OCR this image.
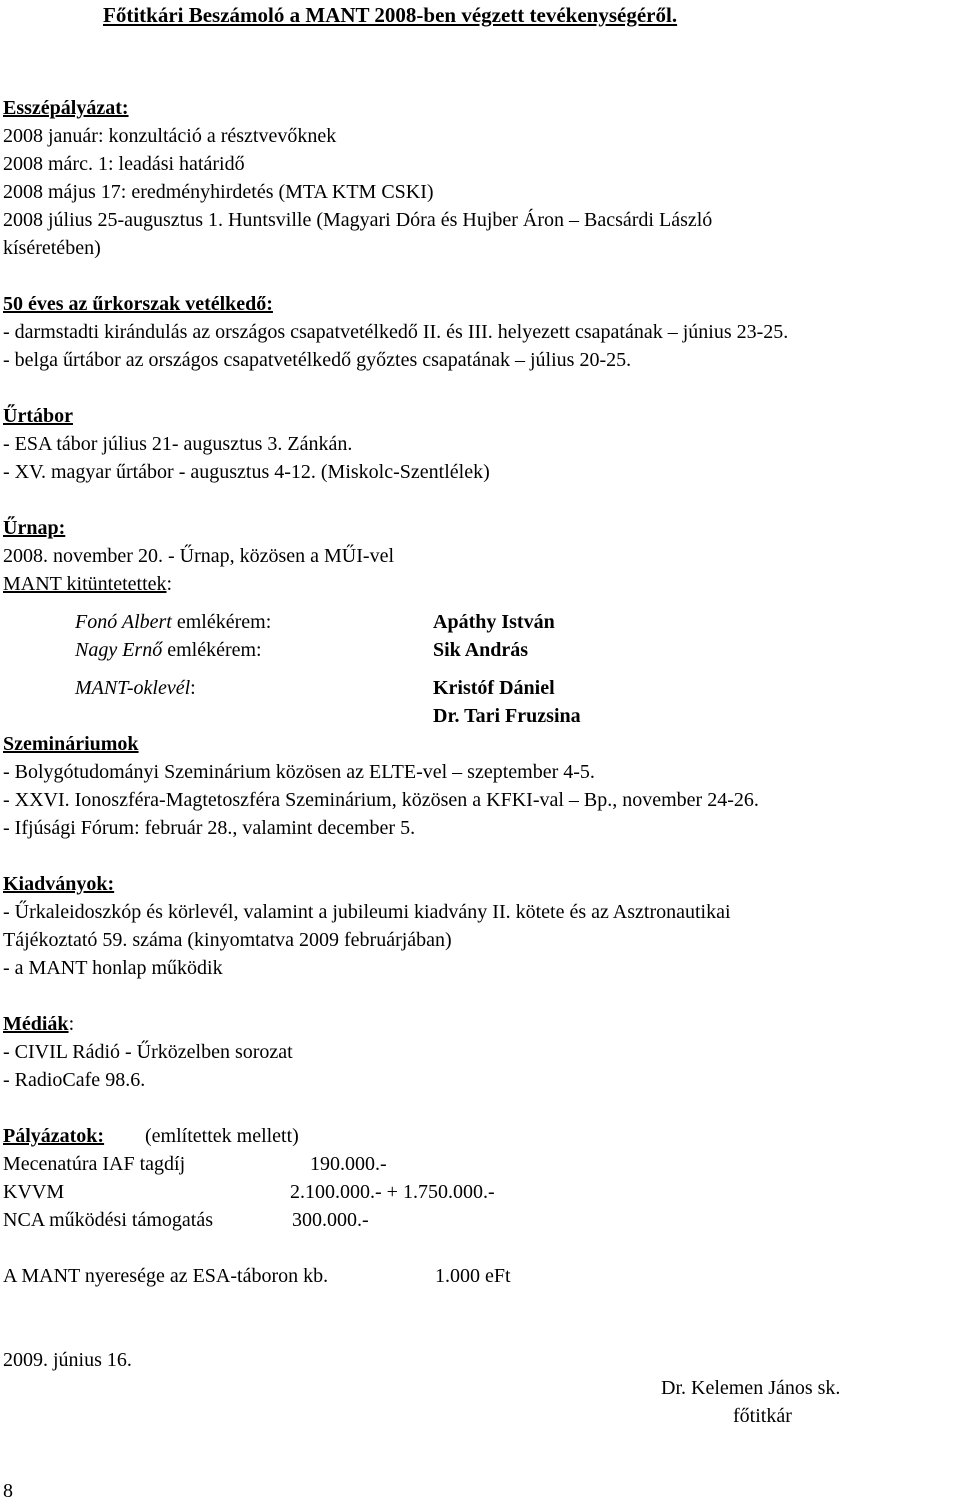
Főtitkári Beszámoló a MANT 2008-ben végzett tevékenységéről.
Esszépályázat:
2008 január: konzultáció a résztvevőknek
2008 márc. 1: leadási határidő
2008 május 17: eredményhirdetés (MTA KTM CSKI)
2008 július 25-augusztus 1. Huntsville (Magyari Dóra és Hujber Áron – Bacsárdi László
kíséretében)
50 éves az űrkorszak vetélkedő:
- darmstadti kirándulás az országos csapatvetélkedő II. és III. helyezett csapatának – június 23-25.
- belga űrtábor az országos csapatvetélkedő győztes csapatának – július 20-25.
Űrtábor
- ESA tábor július 21- augusztus 3. Zánkán.
- XV. magyar űrtábor - augusztus 4-12. (Miskolc-Szentlélek)
Űrnap:
2008. november 20. - Űrnap, közösen a MŰI-vel
MANT kitüntetettek:
Fonó Albert emlékérem:	Apáthy István
Nagy Ernő emlékérem:	Sik András
MANT-oklevél:	Kristóf Dániel
Dr. Tari Fruzsina
Szemináriumok
- Bolygótudományi Szeminárium közösen az ELTE-vel – szeptember 4-5.
- XXVI. Ionoszféra-Magtetoszféra Szeminárium, közösen a KFKI-val – Bp., november 24-26.
- Ifjúsági Fórum: február 28., valamint december 5.
Kiadványok:
- Űrkaleidoszkóp és körlevél, valamint a jubileumi kiadvány II. kötete és az Asztronautikai
Tájékoztató 59. száma (kinyomtatva 2009 februárjában)
- a MANT honlap működik
Médiák:
- CIVIL Rádió - Űrközelben sorozat
- RadioCafe 98.6.
Pályázatok: (említettek mellett)
Mecenatúra IAF tagdíj	190.000.-
KVVM	2.100.000.- + 1.750.000.-
NCA működési támogatás	300.000.-
A MANT nyeresége az ESA-táboron kb.	1.000 eFt
2009. június 16.
Dr. Kelemen János sk.
főtitkár
8
